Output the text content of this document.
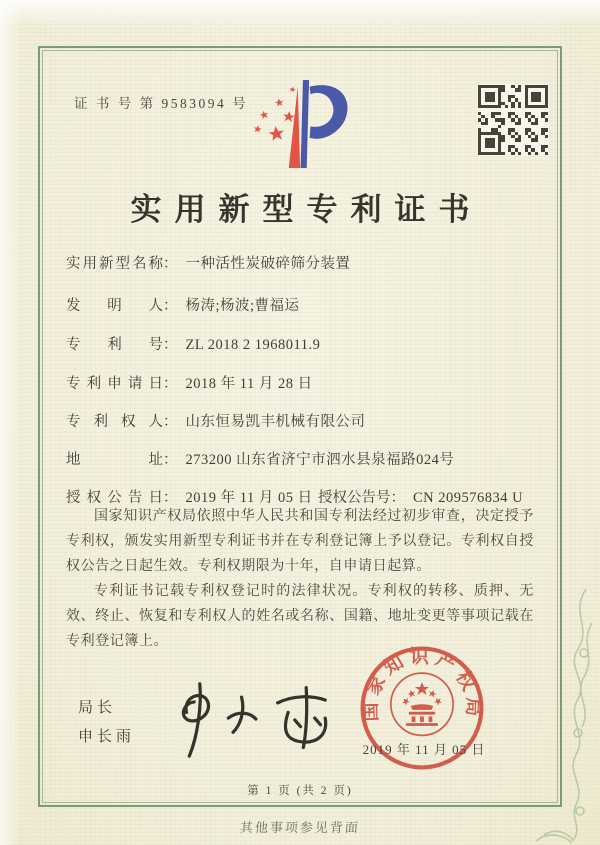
证 书 号 第 9583094 号
实用新型专利证书
实用新型名称： 一种活性炭破碎筛分装置
发明人： 杨涛;杨波;曹福运
专利号： ZL 2018 2 1968011.9
专利申请日： 2018 年 11 月 28 日
专利权人： 山东恒易凯丰机械有限公司
地址： 273200 山东省济宁市泗水县泉福路024号
授权公告日： 2019 年 11 月 05 日 授权公告号： CN 209576834 U

国家知识产权局依照中华人民共和国专利法经过初步审查，决定授予专利权，颁发实用新型专利证书并在专利登记簿上予以登记。专利权自授权公告之日起生效。专利权期限为十年，自申请日起算。

专利证书记载专利权登记时的法律状况。专利权的转移、质押、无效、终止、恢复和专利权人的姓名或名称、国籍、地址变更等事项记载在专利登记簿上。

局长
申长雨
国家知识产权局
2019 年 11 月 05 日
第 1 页 (共 2 页)
其他事项参见背面
